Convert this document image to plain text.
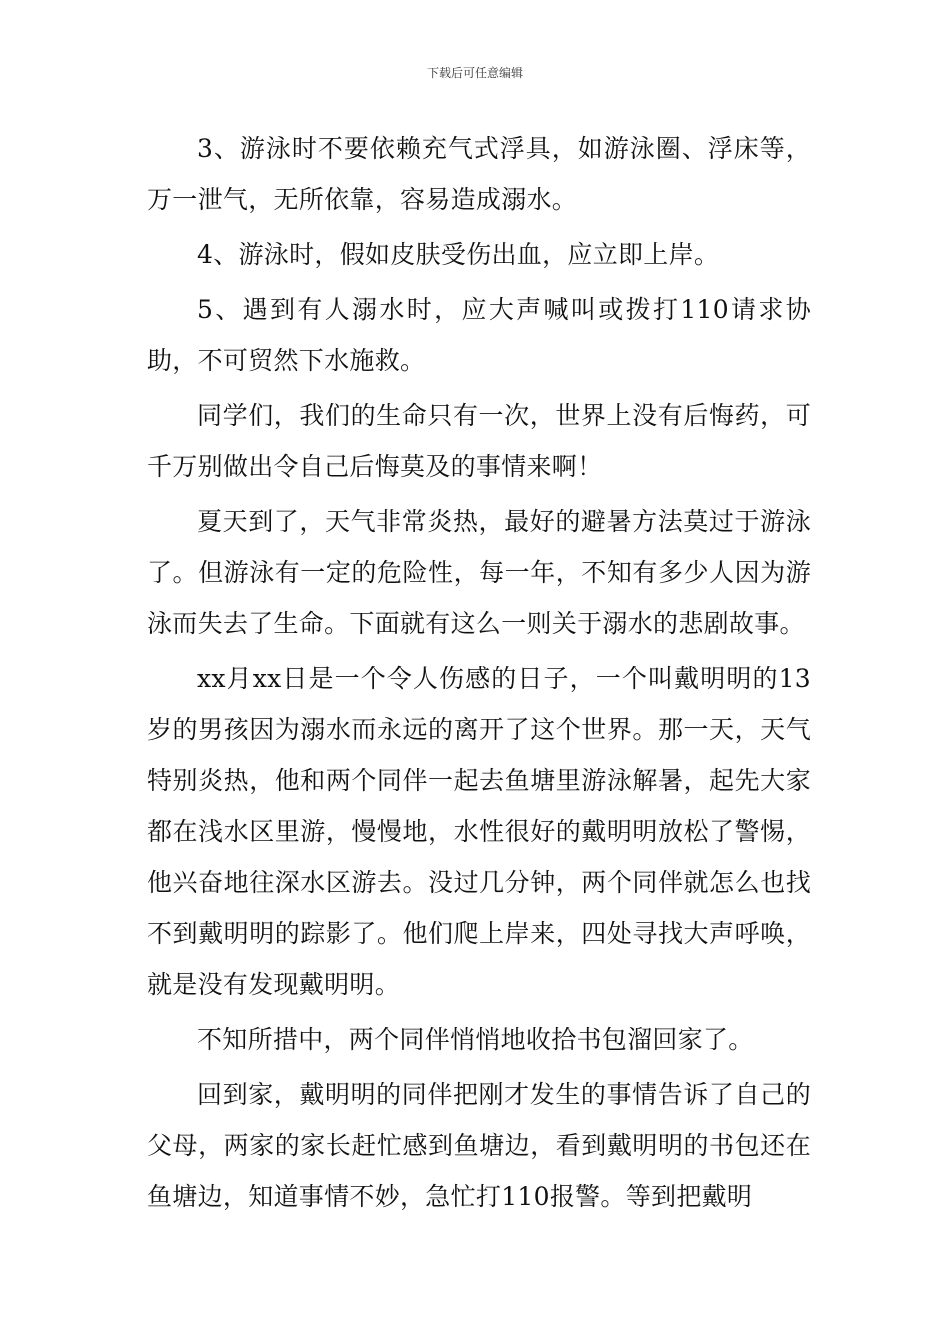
下载后可任意编辑

3、游泳时不要依赖充气式浮具，如游泳圈、浮床等，万一泄气，无所依靠，容易造成溺水。

4、游泳时，假如皮肤受伤出血，应立即上岸。

5、遇到有人溺水时，应大声喊叫或拨打110请求协助，不可贸然下水施救。

同学们，我们的生命只有一次，世界上没有后悔药，可千万别做出令自己后悔莫及的事情来啊！

夏天到了，天气非常炎热，最好的避暑方法莫过于游泳了。但游泳有一定的危险性，每一年，不知有多少人因为游泳而失去了生命。下面就有这么一则关于溺水的悲剧故事。

xx月xx日是一个令人伤感的日子，一个叫戴明明的13岁的男孩因为溺水而永远的离开了这个世界。那一天，天气特别炎热，他和两个同伴一起去鱼塘里游泳解暑，起先大家都在浅水区里游，慢慢地，水性很好的戴明明放松了警惕，他兴奋地往深水区游去。没过几分钟，两个同伴就怎么也找不到戴明明的踪影了。他们爬上岸来，四处寻找大声呼唤，就是没有发现戴明明。

不知所措中，两个同伴悄悄地收拾书包溜回家了。

回到家，戴明明的同伴把刚才发生的事情告诉了自己的父母，两家的家长赶忙感到鱼塘边，看到戴明明的书包还在鱼塘边，知道事情不妙，急忙打110报警。等到把戴明
